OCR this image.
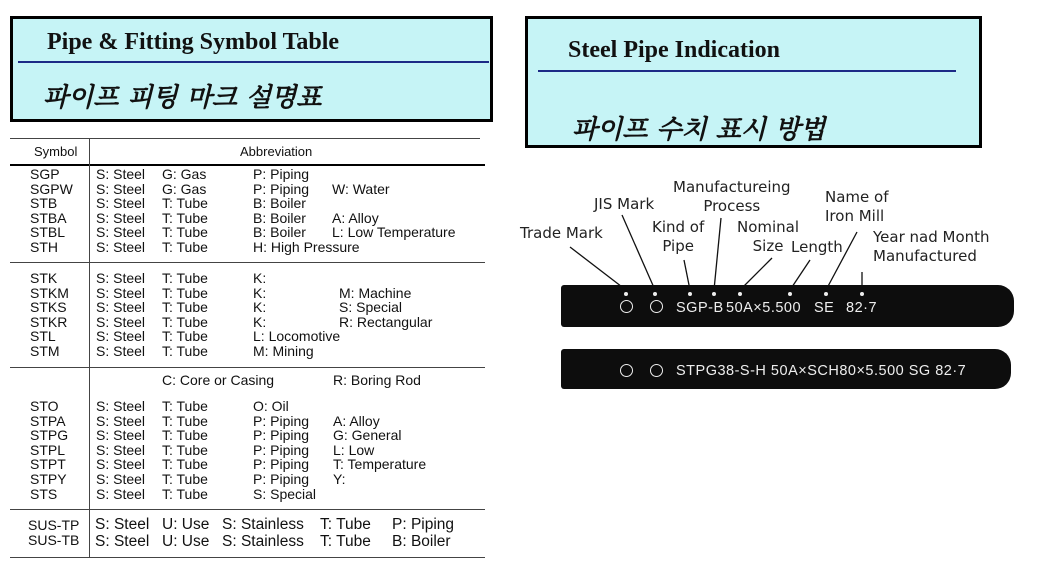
Pipe & Fitting Symbol Table
파이프 피팅 마크 설명표
Steel Pipe Indication
파이프 수치 표시 방법
Symbol	Abbreviation
SGP
SGPW
STB
STBA
STBL
STH
S: Steel
S: Steel
S: Steel
S: Steel
S: Steel
S: Steel
G: Gas
G: Gas
T: Tube
T: Tube
T: Tube
T: Tube
P: Piping
P: Piping
B: Boiler
B: Boiler
B: Boiler
H: High Pressure
W: Water
A: Alloy
L: Low Temperature
STK
STKM
STKS
STKR
STL
STM
S: Steel
S: Steel
S: Steel
S: Steel
S: Steel
S: Steel
T: Tube
T: Tube
T: Tube
T: Tube
T: Tube
T: Tube
K:
K:
K:
K:
L: Locomotive
M: Mining
M: Machine
S: Special
R: Rectangular
C: Core or Casing	R: Boring Rod
STO
STPA
STPG
STPL
STPT
STPY
STS
S: Steel
S: Steel
S: Steel
S: Steel
S: Steel
S: Steel
S: Steel
T: Tube
T: Tube
T: Tube
T: Tube
T: Tube
T: Tube
T: Tube
O: Oil
P: Piping
P: Piping
P: Piping
P: Piping
P: Piping
S: Special
A: Alloy
G: General
L: Low
T: Temperature
Y:
SUS-TP
SUS-TB
S: Steel
S: Steel
U: Use
U: Use
S: Stainless
S: Stainless
T: Tube
T: Tube
P: Piping
B: Boiler
Trade Mark
JIS Mark
Kind of
Pipe
Manufactureing
Process
Nominal
Size Length
Name of
Iron Mill
Year nad Month
Manufactured
SGP-B 50A×5.500 SE 82·7
STPG38-S-H 50A×SCH80×5.500 SG 82·7
